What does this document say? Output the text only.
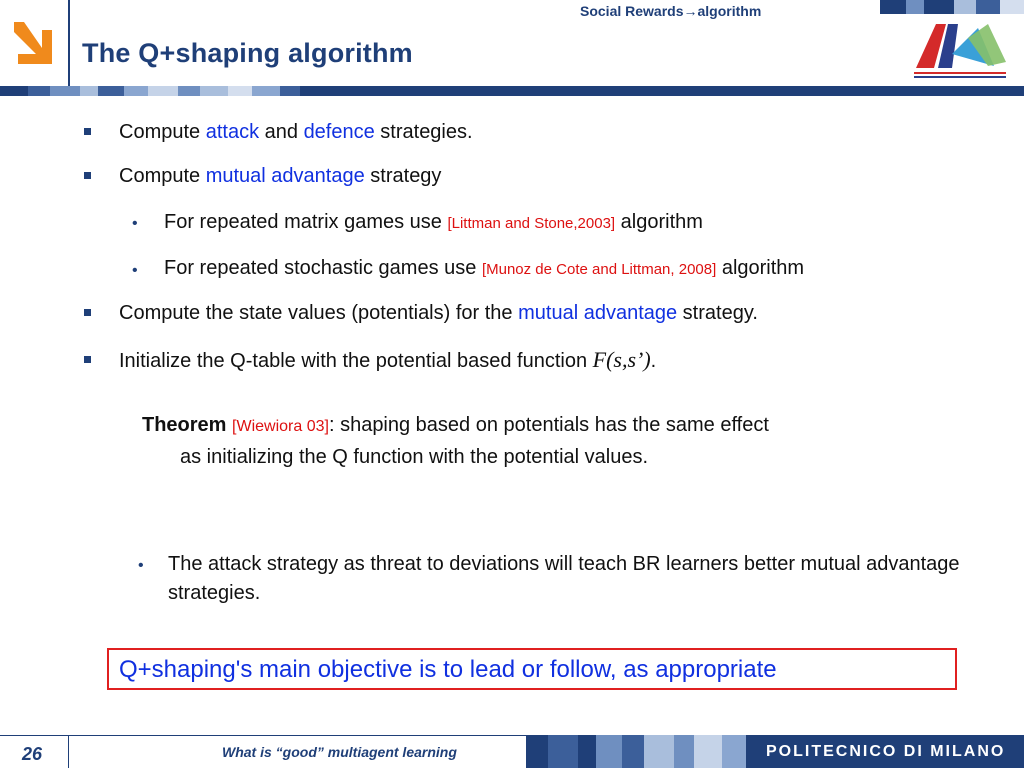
Social Rewards→algorithm
The Q+shaping algorithm
Compute attack and defence strategies.
Compute mutual advantage strategy
• For repeated matrix games use [Littman and Stone,2003] algorithm
• For repeated stochastic games use [Munoz de Cote and Littman, 2008] algorithm
Compute the state values (potentials) for the mutual advantage strategy.
Initialize the Q-table with the potential based function F(s,s’).
Theorem [Wiewiora 03]: shaping based on potentials has the same effect
as initializing the Q function with the potential values.
• The attack strategy as threat to deviations will teach BR learners better mutual advantage strategies.
Q+shaping's main objective is to lead or follow, as appropriate
26	What is “good” multiagent learning	POLITECNICO DI MILANO
